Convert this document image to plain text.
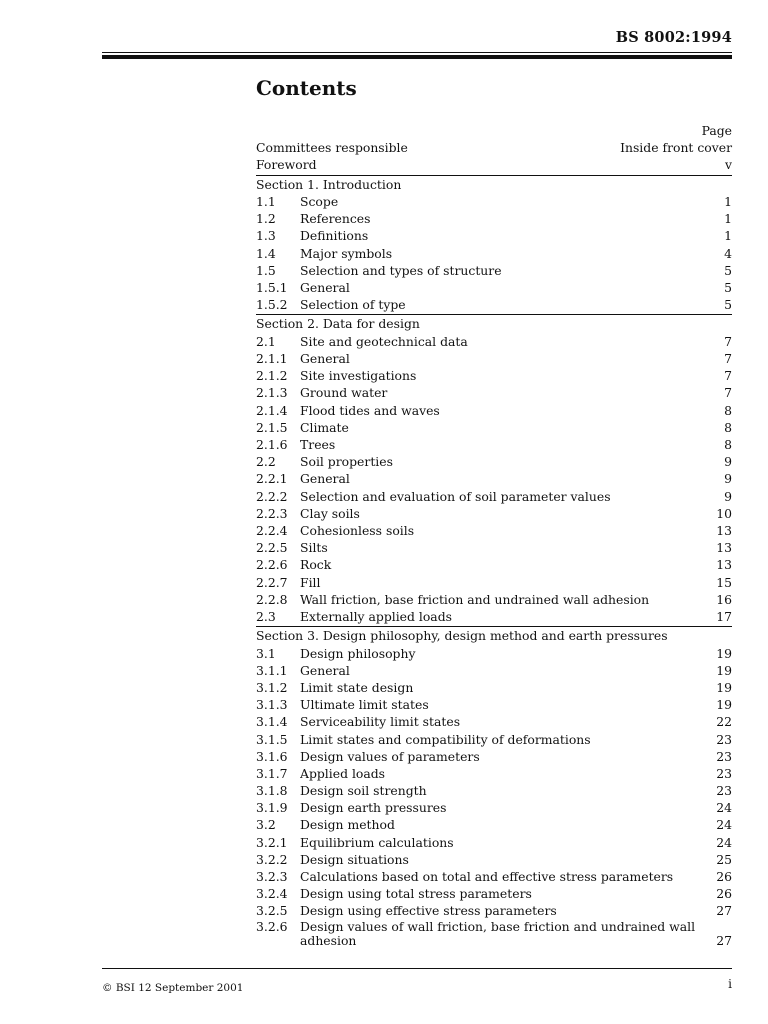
BS 8002:1994
Contents
Page
Committees responsible	Inside front cover
Foreword	v
Section 1. Introduction
1.1	Scope	1
1.2	References	1
1.3	Definitions	1
1.4	Major symbols	4
1.5	Selection and types of structure	5
1.5.1	General	5
1.5.2	Selection of type	5
Section 2. Data for design
2.1	Site and geotechnical data	7
2.1.1	General	7
2.1.2	Site investigations	7
2.1.3	Ground water	7
2.1.4	Flood tides and waves	8
2.1.5	Climate	8
2.1.6	Trees	8
2.2	Soil properties	9
2.2.1	General	9
2.2.2	Selection and evaluation of soil parameter values	9
2.2.3	Clay soils	10
2.2.4	Cohesionless soils	13
2.2.5	Silts	13
2.2.6	Rock	13
2.2.7	Fill	15
2.2.8	Wall friction, base friction and undrained wall adhesion	16
2.3	Externally applied loads	17
Section 3. Design philosophy, design method and earth pressures
3.1	Design philosophy	19
3.1.1	General	19
3.1.2	Limit state design	19
3.1.3	Ultimate limit states	19
3.1.4	Serviceability limit states	22
3.1.5	Limit states and compatibility of deformations	23
3.1.6	Design values of parameters	23
3.1.7	Applied loads	23
3.1.8	Design soil strength	23
3.1.9	Design earth pressures	24
3.2	Design method	24
3.2.1	Equilibrium calculations	24
3.2.2	Design situations	25
3.2.3	Calculations based on total and effective stress parameters	26
3.2.4	Design using total stress parameters	26
3.2.5	Design using effective stress parameters	27
3.2.6	Design values of wall friction, base friction and undrained wall adhesion	27
© BSI 12 September 2001	i
